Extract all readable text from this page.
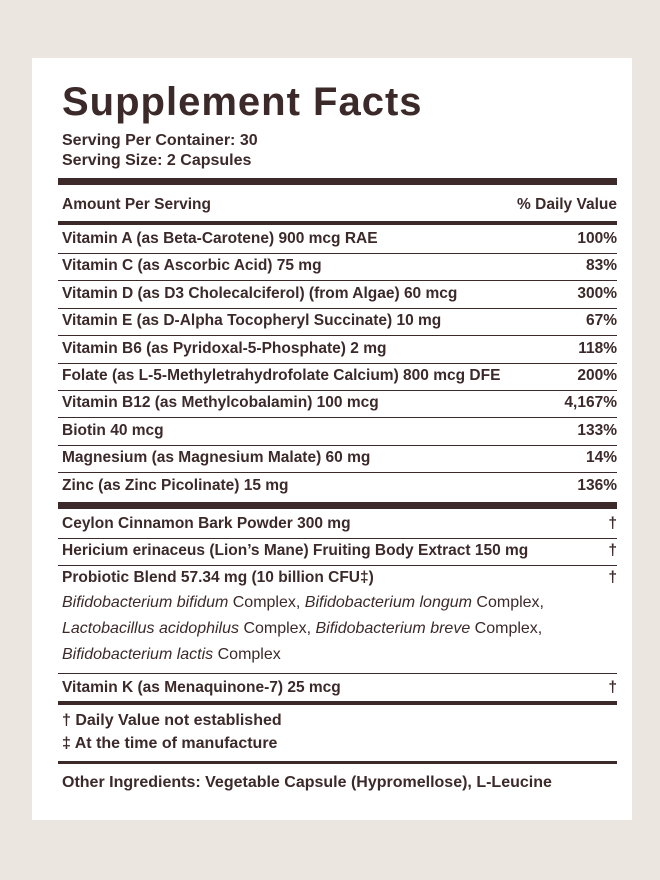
Supplement Facts
Serving Per Container: 30
Serving Size: 2 Capsules
Amount Per Serving	% Daily Value
Ceylon Cinnamon Bark Powder 300 mg	†
Hericium erinaceus (Lion’s Mane) Fruiting Body Extract 150 mg	†
Probiotic Blend 57.34 mg (10 billion CFU‡)	†
Bifidobacterium bifidum Complex, Bifidobacterium longum Complex,
Lactobacillus acidophilus Complex, Bifidobacterium breve Complex,
Bifidobacterium lactis Complex
Vitamin K (as Menaquinone-7) 25 mcg	†
† Daily Value not established
‡ At the time of manufacture
Other Ingredients: Vegetable Capsule (Hypromellose), L-Leucine
Vitamin A (as Beta-Carotene) 900 mcg RAE	100%
Vitamin C (as Ascorbic Acid) 75 mg	83%
Vitamin D (as D3 Cholecalciferol) (from Algae) 60 mcg	300%
Vitamin E (as D-Alpha Tocopheryl Succinate) 10 mg	67%
Vitamin B6 (as Pyridoxal-5-Phosphate) 2 mg	118%
Folate (as L-5-Methyletrahydrofolate Calcium) 800 mcg DFE	200%
Vitamin B12 (as Methylcobalamin) 100 mcg	4,167%
Biotin 40 mcg	133%
Magnesium (as Magnesium Malate) 60 mg	14%
Zinc (as Zinc Picolinate) 15 mg	136%
